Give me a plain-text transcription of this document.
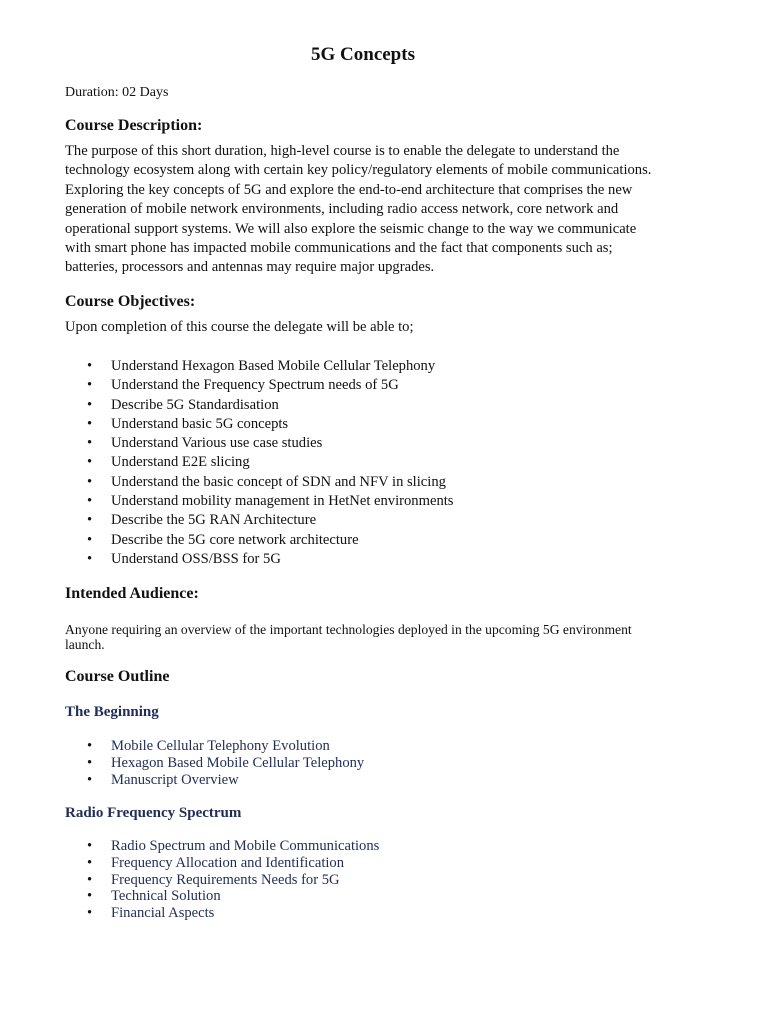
5G Concepts

Duration: 02 Days

Course Description:

The purpose of this short duration, high-level course is to enable the delegate to understand the
technology ecosystem along with certain key policy/regulatory elements of mobile communications.
Exploring the key concepts of 5G and explore the end-to-end architecture that comprises the new
generation of mobile network environments, including radio access network, core network and
operational support systems. We will also explore the seismic change to the way we communicate
with smart phone has impacted mobile communications and the fact that components such as;
batteries, processors and antennas may require major upgrades.

Course Objectives:

Upon completion of this course the delegate will be able to;

• Understand Hexagon Based Mobile Cellular Telephony
• Understand the Frequency Spectrum needs of 5G
• Describe 5G Standardisation
• Understand basic 5G concepts
• Understand Various use case studies
• Understand E2E slicing
• Understand the basic concept of SDN and NFV in slicing
• Understand mobility management in HetNet environments
• Describe the 5G RAN Architecture
• Describe the 5G core network architecture
• Understand OSS/BSS for 5G
Intended Audience:

Anyone requiring an overview of the important technologies deployed in the upcoming 5G environment
launch.

Course Outline
The Beginning
• Mobile Cellular Telephony Evolution
• Hexagon Based Mobile Cellular Telephony
• Manuscript Overview
Radio Frequency Spectrum
• Radio Spectrum and Mobile Communications
• Frequency Allocation and Identification
• Frequency Requirements Needs for 5G
• Technical Solution
• Financial Aspects
